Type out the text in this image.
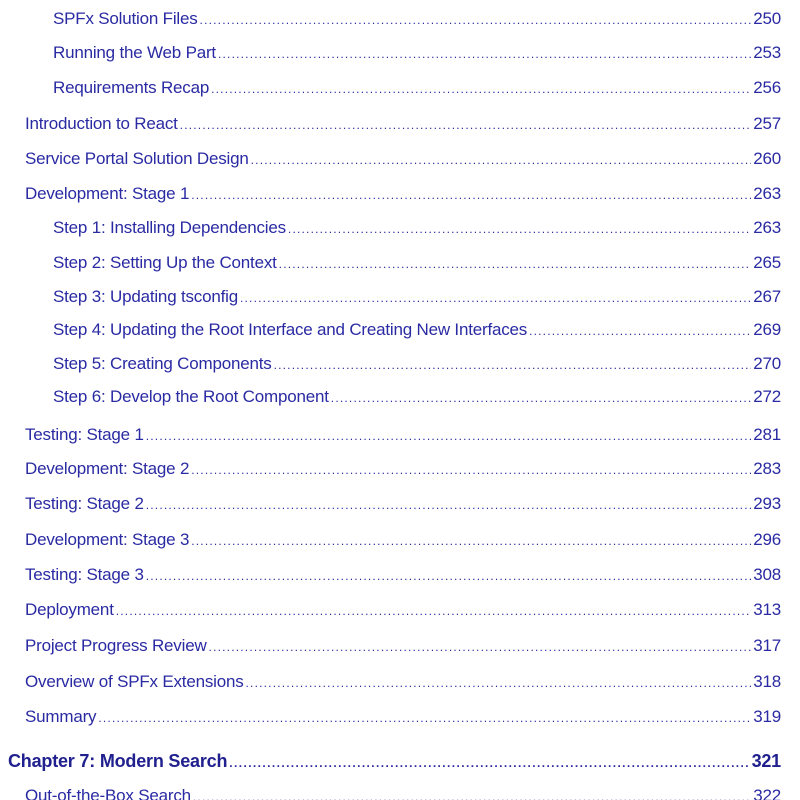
SPFx Solution Files .....	250
Running the Web Part .....	253
Requirements Recap .....	256
Introduction to React .....	257
Service Portal Solution Design .....	260
Development: Stage 1 .....	263
Step 1: Installing Dependencies .....	263
Step 2: Setting Up the Context .....	265
Step 3: Updating tsconfig .....	267
Step 4: Updating the Root Interface and Creating New Interfaces .....	269
Step 5: Creating Components .....	270
Step 6: Develop the Root Component .....	272
Testing: Stage 1 .....	281
Development: Stage 2 .....	283
Testing: Stage 2 .....	293
Development: Stage 3 .....	296
Testing: Stage 3 .....	308
Deployment .....	313
Project Progress Review .....	317
Overview of SPFx Extensions .....	318
Summary .....	319
Chapter 7: Modern Search .....	321
Out-of-the-Box Search .....	322
